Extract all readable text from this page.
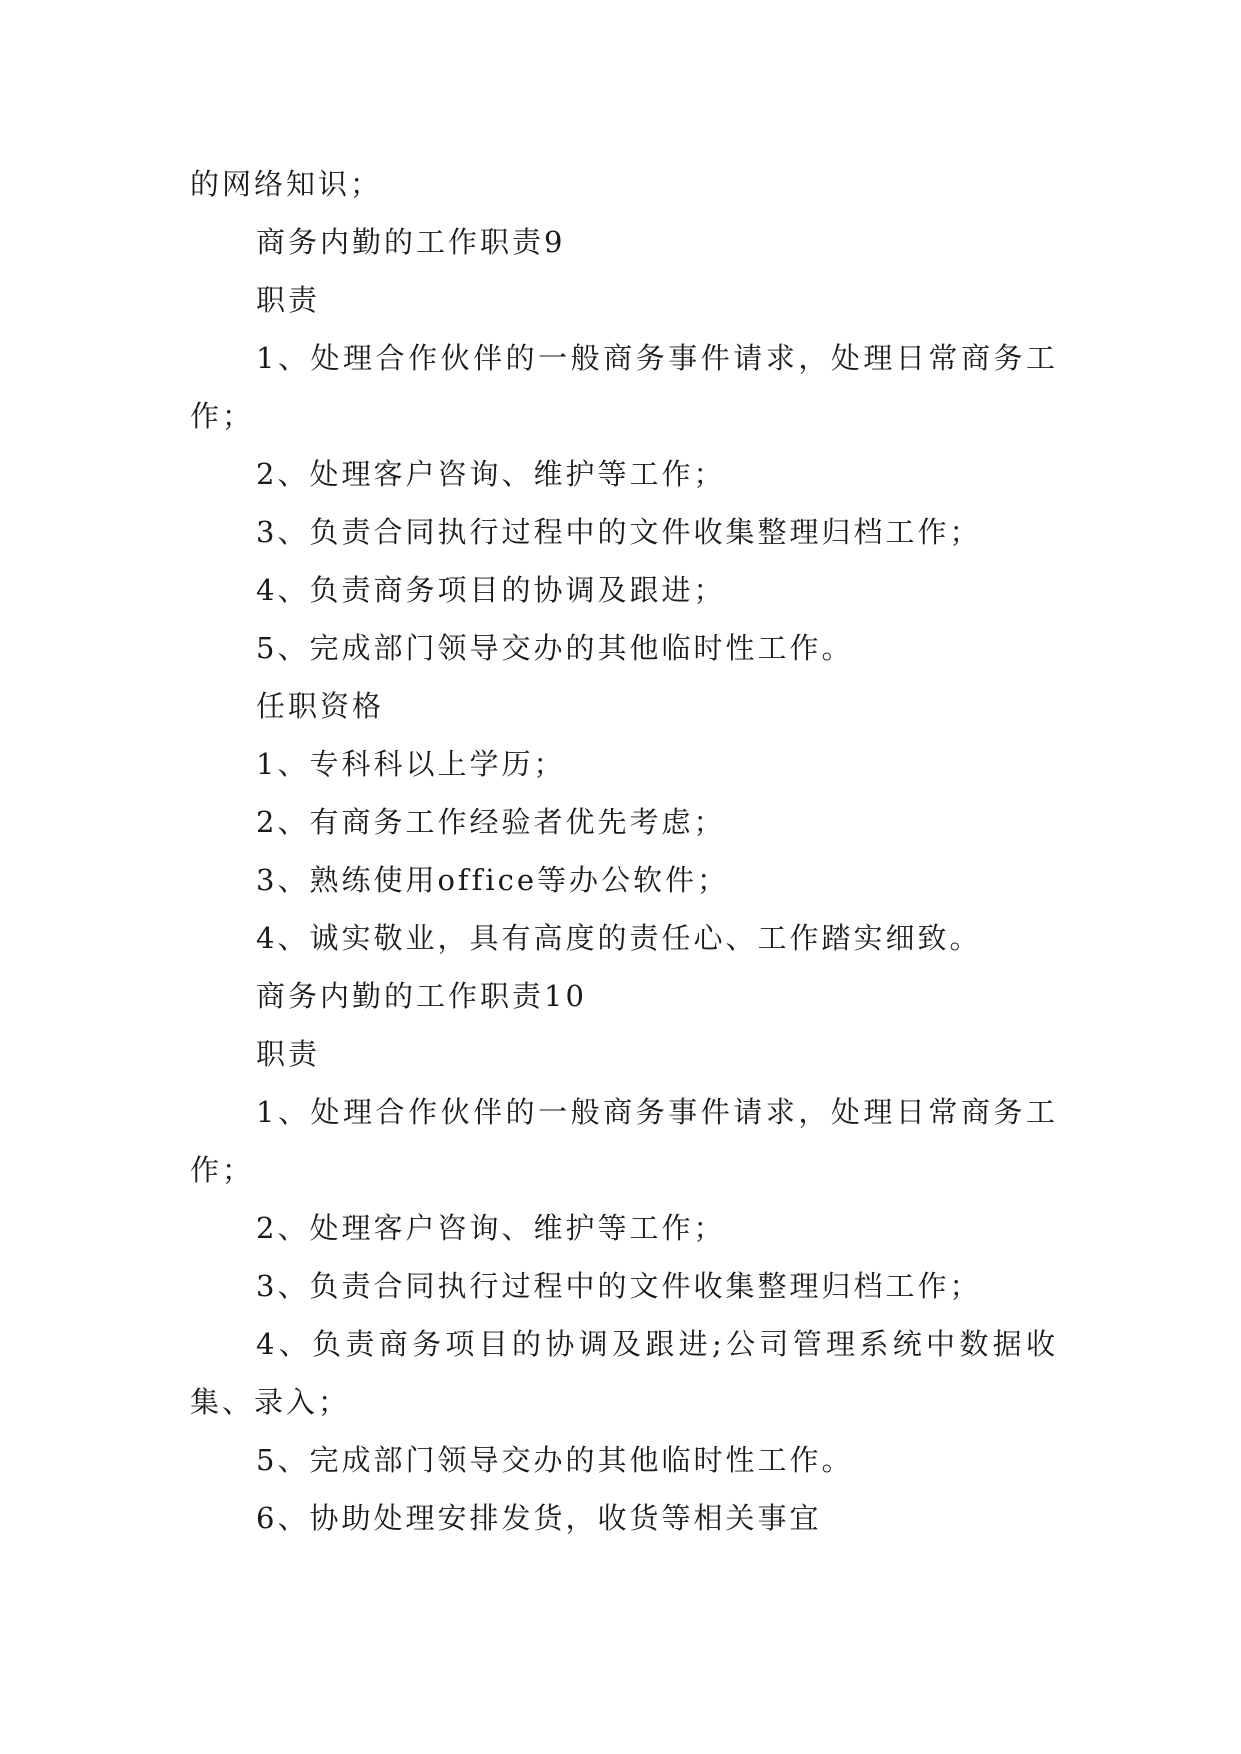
的网络知识；

商务内勤的工作职责9

职责

1、处理合作伙伴的一般商务事件请求，处理日常商务工作；

2、处理客户咨询、维护等工作；

3、负责合同执行过程中的文件收集整理归档工作；

4、负责商务项目的协调及跟进；

5、完成部门领导交办的其他临时性工作。

任职资格

1、专科科以上学历；

2、有商务工作经验者优先考虑；

3、熟练使用office等办公软件；

4、诚实敬业，具有高度的责任心、工作踏实细致。

商务内勤的工作职责10

职责

1、处理合作伙伴的一般商务事件请求，处理日常商务工作；

2、处理客户咨询、维护等工作；

3、负责合同执行过程中的文件收集整理归档工作；

4、负责商务项目的协调及跟进;公司管理系统中数据收集、录入；

5、完成部门领导交办的其他临时性工作。

6、协助处理安排发货，收货等相关事宜
